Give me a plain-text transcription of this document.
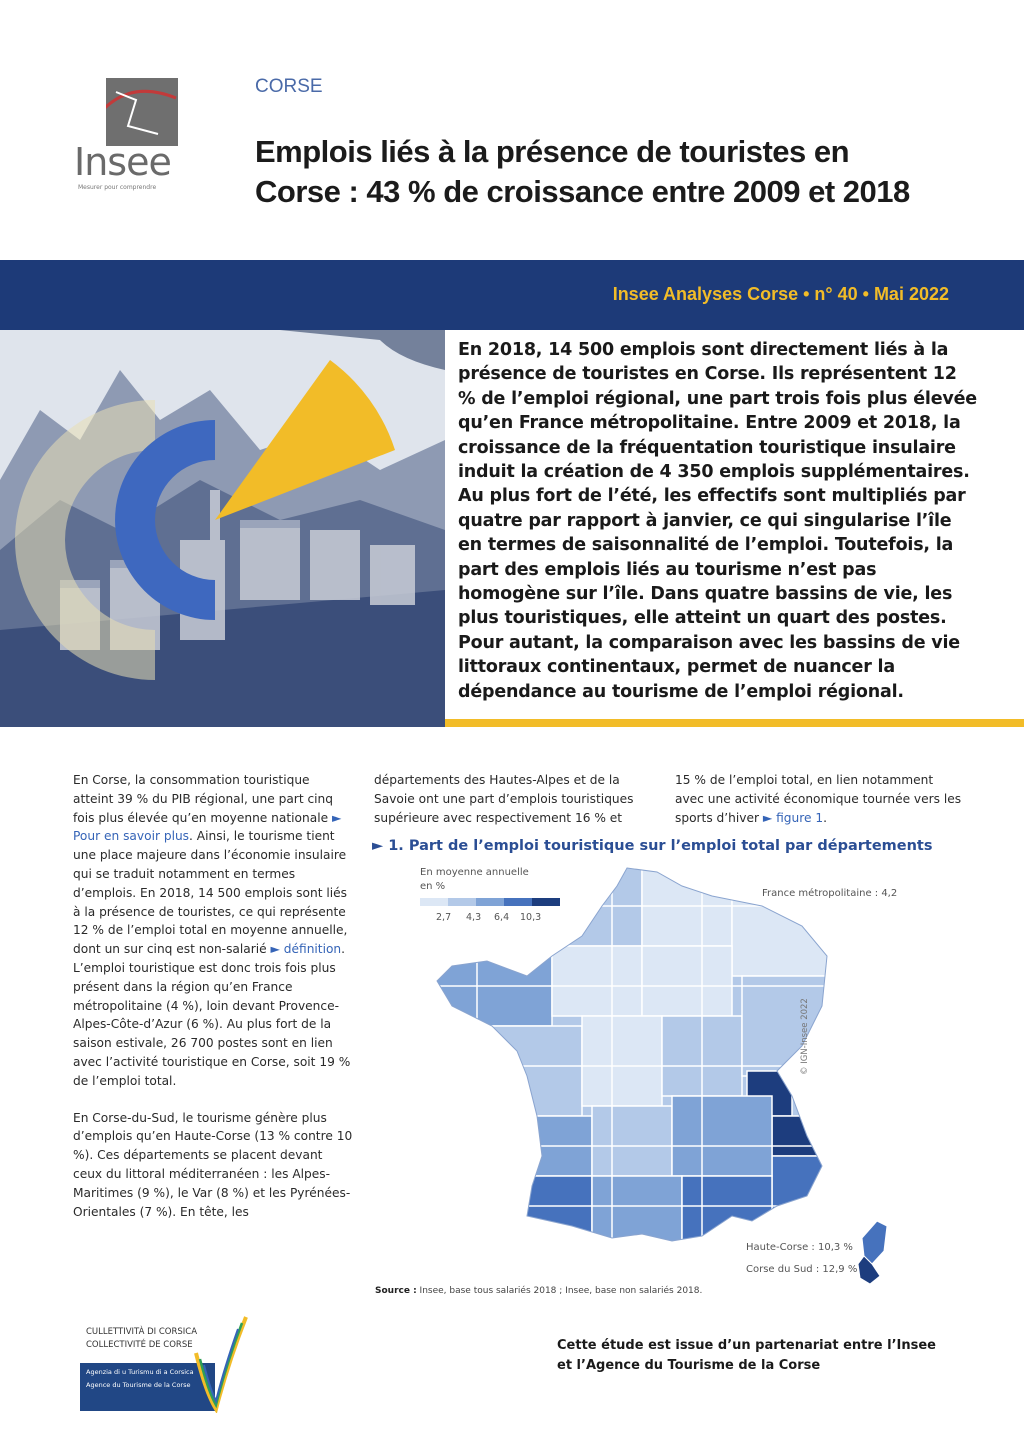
Insee
Mesurer pour comprendre
CORSE
Emplois liés à la présence de touristes en
Corse : 43 % de croissance entre 2009 et 2018
Insee Analyses Corse • n° 40 • Mai 2022
En 2018, 14 500 emplois sont directement liés à la présence de touristes en Corse. Ils représentent 12 % de l’emploi régional, une part trois fois plus élevée qu’en France métropolitaine. Entre 2009 et 2018, la croissance de la fréquentation touristique insulaire induit la création de 4 350 emplois supplémentaires. Au plus fort de l’été, les effectifs sont multipliés par quatre par rapport à janvier, ce qui singularise l’île en termes de saisonnalité de l’emploi. Toutefois, la part des emplois liés au tourisme n’est pas homogène sur l’île. Dans quatre bassins de vie, les plus touristiques, elle atteint un quart des postes. Pour autant, la comparaison avec les bassins de vie littoraux continentaux, permet de nuancer la dépendance au tourisme de l’emploi régional.

En Corse, la consommation touristique atteint 39 % du PIB régional, une part cinq fois plus élevée qu’en moyenne nationale ► Pour en savoir plus. Ainsi, le tourisme tient une place majeure dans l’économie insulaire qui se traduit notamment en termes d’emplois. En 2018, 14 500 emplois sont liés à la présence de touristes, ce qui représente 12 % de l’emploi total en moyenne annuelle, dont un sur cinq est non-salarié ► définition. L’emploi touristique est donc trois fois plus présent dans la région qu’en France métropolitaine (4 %), loin devant Provence-Alpes-Côte-d’Azur (6 %). Au plus fort de la saison estivale, 26 700 postes sont en lien avec l’activité touristique en Corse, soit 19 % de l’emploi total.

En Corse-du-Sud, le tourisme génère plus d’emplois qu’en Haute-Corse (13 % contre 10 %). Ces départements se placent devant ceux du littoral méditerranéen : les Alpes-Maritimes (9 %), le Var (8 %) et les Pyrénées-Orientales (7 %). En tête, les

départements des Hautes-Alpes et de la Savoie ont une part d’emplois touristiques supérieure avec respectivement 16 % et

15 % de l’emploi total, en lien notamment avec une activité économique tournée vers les sports d’hiver ► figure 1.

► 1. Part de l’emploi touristique sur l’emploi total par départements
En moyenne annuelle
en %
2,7 4,3 6,4 10,3
France métropolitaine : 4,2
Haute-Corse : 10,3 %
Corse du Sud : 12,9 %
© IGN-Insee 2022
Source : Insee, base tous salariés 2018 ; Insee, base non salariés 2018.
CULLETTIVITÀ DI CORSICA
COLLECTIVITÉ DE CORSE
Agenzia di u Turismu di a Corsica
Agence du Tourisme de la Corse
Cette étude est issue d’un partenariat entre l’Insee
et l’Agence du Tourisme de la Corse
